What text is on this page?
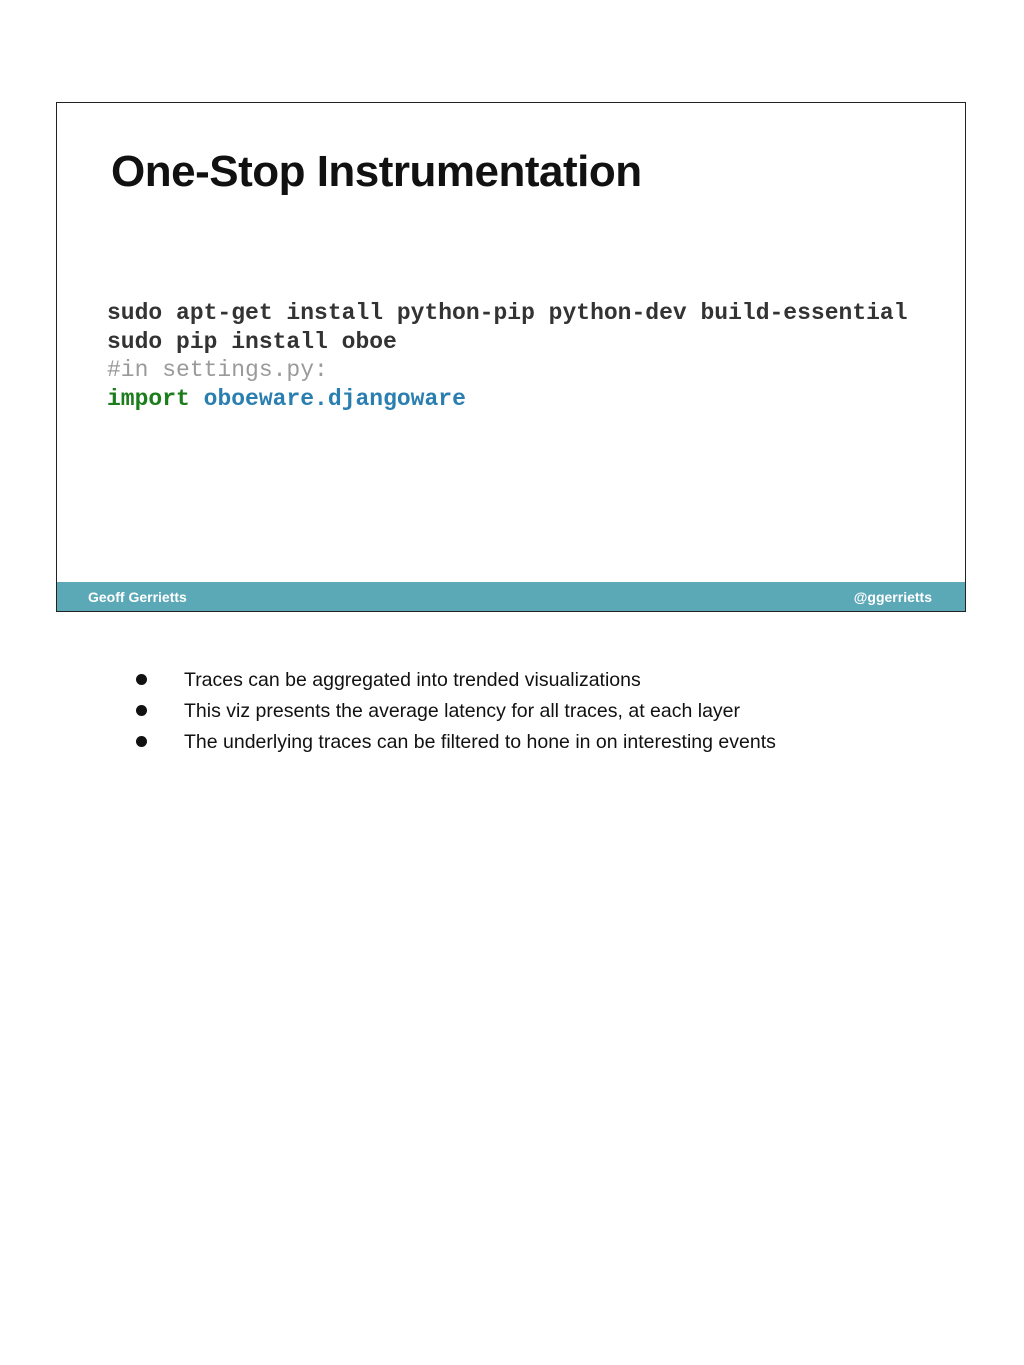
One-Stop Instrumentation
sudo apt-get install python-pip python-dev build-essential
sudo pip install oboe
#in settings.py:
import oboeware.djangoware
Geoff Gerrietts	@ggerrietts
Traces can be aggregated into trended visualizations
This viz presents the average latency for all traces, at each layer
The underlying traces can be filtered to hone in on interesting events
